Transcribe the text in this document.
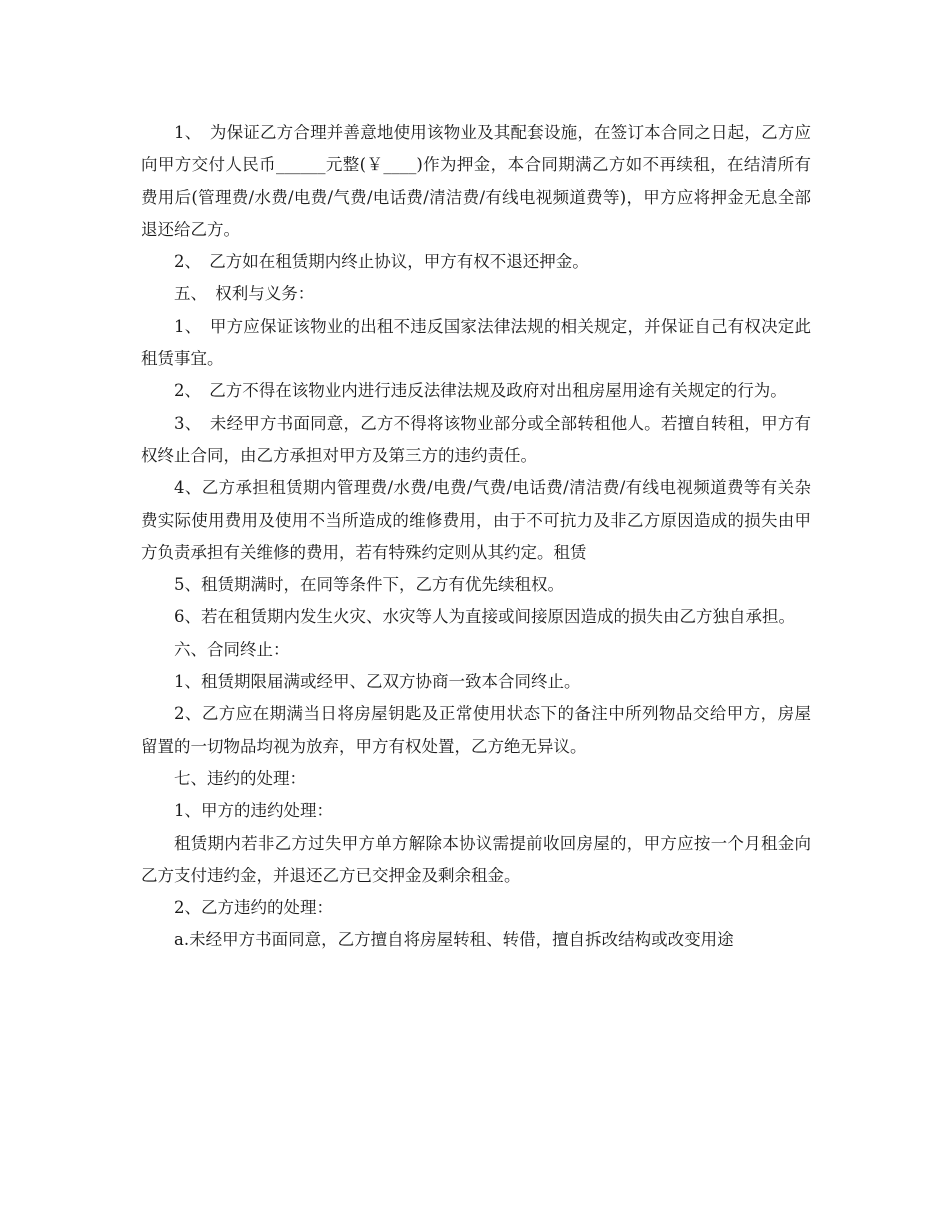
1、　为保证乙方合理并善意地使用该物业及其配套设施，在签订本合同之日起，乙方应向甲方交付人民币______元整(￥____)作为押金，本合同期满乙方如不再续租，在结清所有费用后(管理费/水费/电费/气费/电话费/清洁费/有线电视频道费等)，甲方应将押金无息全部退还给乙方。

2、　乙方如在租赁期内终止协议，甲方有权不退还押金。

五、　权利与义务：

1、　甲方应保证该物业的出租不违反国家法律法规的相关规定，并保证自己有权决定此租赁事宜。

2、　乙方不得在该物业内进行违反法律法规及政府对出租房屋用途有关规定的行为。

3、　未经甲方书面同意，乙方不得将该物业部分或全部转租他人。若擅自转租，甲方有权终止合同，由乙方承担对甲方及第三方的违约责任。

4、乙方承担租赁期内管理费/水费/电费/气费/电话费/清洁费/有线电视频道费等有关杂费实际使用费用及使用不当所造成的维修费用，由于不可抗力及非乙方原因造成的损失由甲方负责承担有关维修的费用，若有特殊约定则从其约定。租赁

5、租赁期满时，在同等条件下，乙方有优先续租权。

6、若在租赁期内发生火灾、水灾等人为直接或间接原因造成的损失由乙方独自承担。

六、合同终止：

1、租赁期限届满或经甲、乙双方协商一致本合同终止。

2、乙方应在期满当日将房屋钥匙及正常使用状态下的备注中所列物品交给甲方，房屋留置的一切物品均视为放弃，甲方有权处置，乙方绝无异议。

七、违约的处理：

1、甲方的违约处理：

租赁期内若非乙方过失甲方单方解除本协议需提前收回房屋的，甲方应按一个月租金向乙方支付违约金，并退还乙方已交押金及剩余租金。

2、乙方违约的处理：

a.未经甲方书面同意，乙方擅自将房屋转租、转借，擅自拆改结构或改变用途
